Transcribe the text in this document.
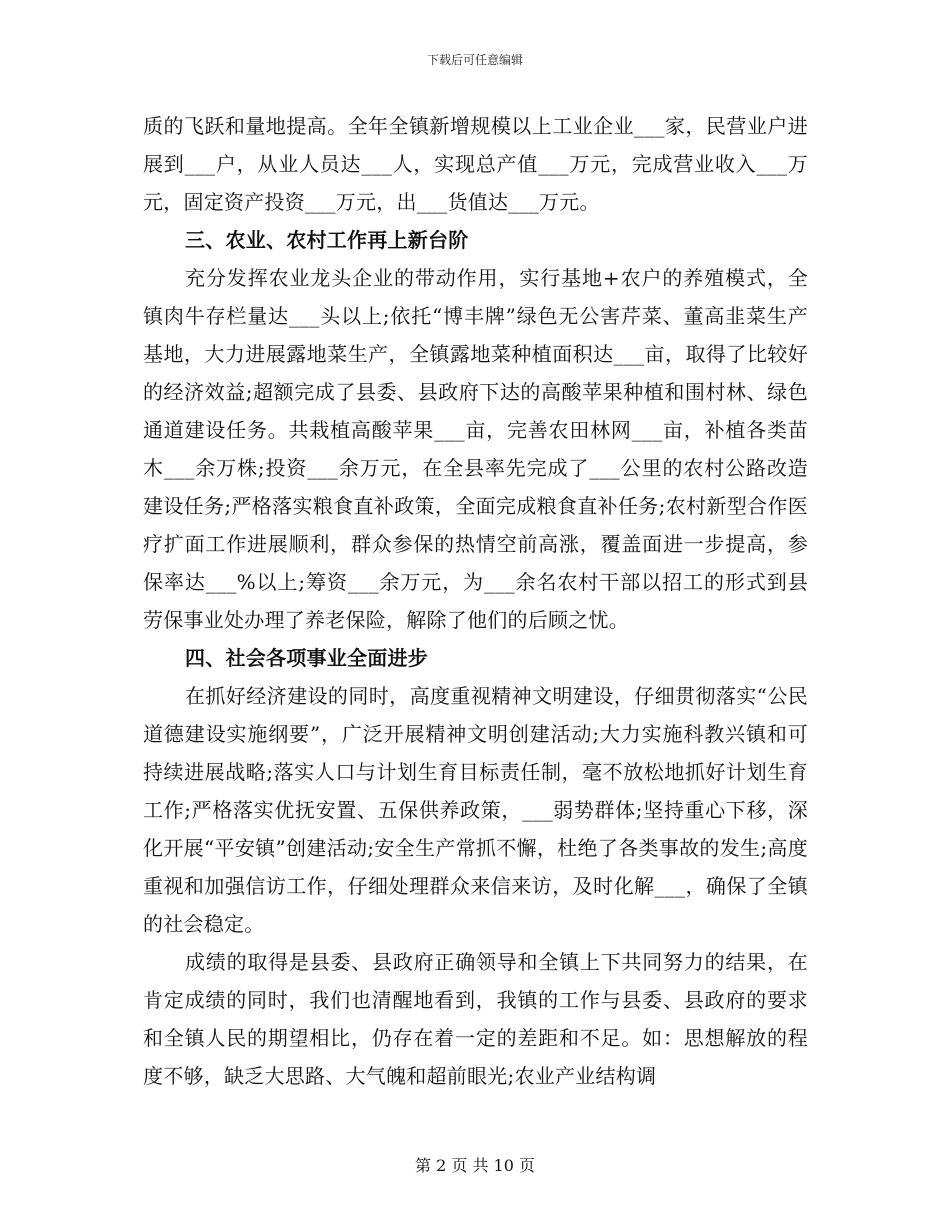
下载后可任意编辑

质的飞跃和量地提高。全年全镇新增规模以上工业企业___家，民营业户进展到___户，从业人员达___人，实现总产值___万元，完成营业收入___万元，固定资产投资___万元，出___货值达___万元。

三、农业、农村工作再上新台阶

充分发挥农业龙头企业的带动作用，实行基地+农户的养殖模式，全镇肉牛存栏量达___头以上;依托“博丰牌”绿色无公害芹菜、董高韭菜生产基地，大力进展露地菜生产，全镇露地菜种植面积达___亩，取得了比较好的经济效益;超额完成了县委、县政府下达的高酸苹果种植和围村林、绿色通道建设任务。共栽植高酸苹果___亩，完善农田林网___亩，补植各类苗木___余万株;投资___余万元，在全县率先完成了___公里的农村公路改造建设任务;严格落实粮食直补政策，全面完成粮食直补任务;农村新型合作医疗扩面工作进展顺利，群众参保的热情空前高涨，覆盖面进一步提高，参保率达___%以上;筹资___余万元，为___余名农村干部以招工的形式到县劳保事业处办理了养老保险，解除了他们的后顾之忧。

四、社会各项事业全面进步

在抓好经济建设的同时，高度重视精神文明建设，仔细贯彻落实“公民道德建设实施纲要”，广泛开展精神文明创建活动;大力实施科教兴镇和可持续进展战略;落实人口与计划生育目标责任制，毫不放松地抓好计划生育工作;严格落实优抚安置、五保供养政策，___弱势群体;坚持重心下移，深化开展“平安镇”创建活动;安全生产常抓不懈，杜绝了各类事故的发生;高度重视和加强信访工作，仔细处理群众来信来访，及时化解___，确保了全镇的社会稳定。

成绩的取得是县委、县政府正确领导和全镇上下共同努力的结果，在肯定成绩的同时，我们也清醒地看到，我镇的工作与县委、县政府的要求和全镇人民的期望相比，仍存在着一定的差距和不足。如：思想解放的程度不够，缺乏大思路、大气魄和超前眼光;农业产业结构调

第 2 页 共 10 页
